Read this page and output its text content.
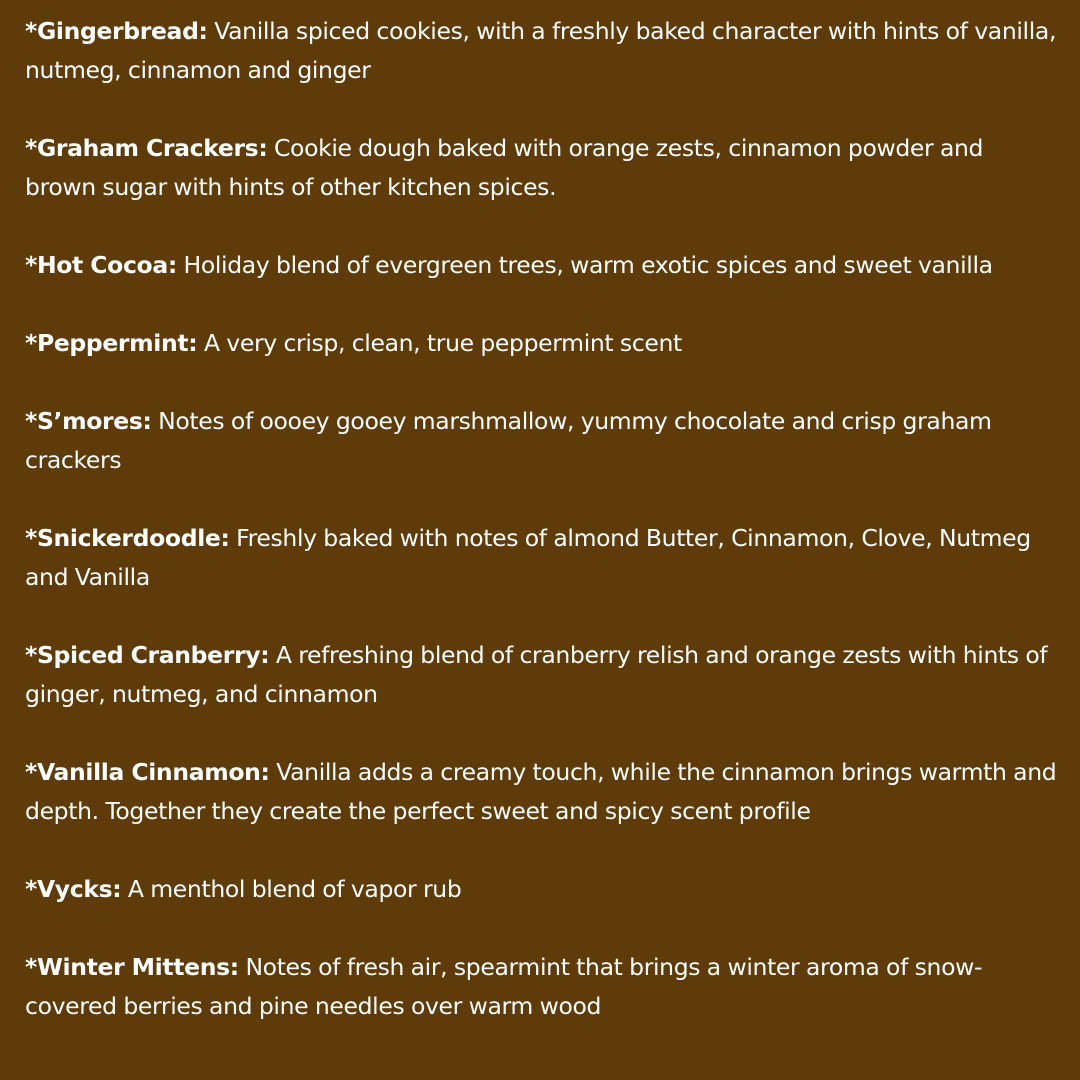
*Gingerbread: Vanilla spiced cookies, with a freshly baked character with hints of vanilla, nutmeg, cinnamon and ginger

*Graham Crackers: Cookie dough baked with orange zests, cinnamon powder and brown sugar with hints of other kitchen spices.

*Hot Cocoa: Holiday blend of evergreen trees, warm exotic spices and sweet vanilla

*Peppermint: A very crisp, clean, true peppermint scent

*S’mores: Notes of oooey gooey marshmallow, yummy chocolate and crisp graham crackers

*Snickerdoodle: Freshly baked with notes of almond Butter, Cinnamon, Clove, Nutmeg and Vanilla

*Spiced Cranberry: A refreshing blend of cranberry relish and orange zests with hints of ginger, nutmeg, and cinnamon

*Vanilla Cinnamon: Vanilla adds a creamy touch, while the cinnamon brings warmth and depth. Together they create the perfect sweet and spicy scent profile

*Vycks: A menthol blend of vapor rub

*Winter Mittens: Notes of fresh air, spearmint that brings a winter aroma of snow-covered berries and pine needles over warm wood
